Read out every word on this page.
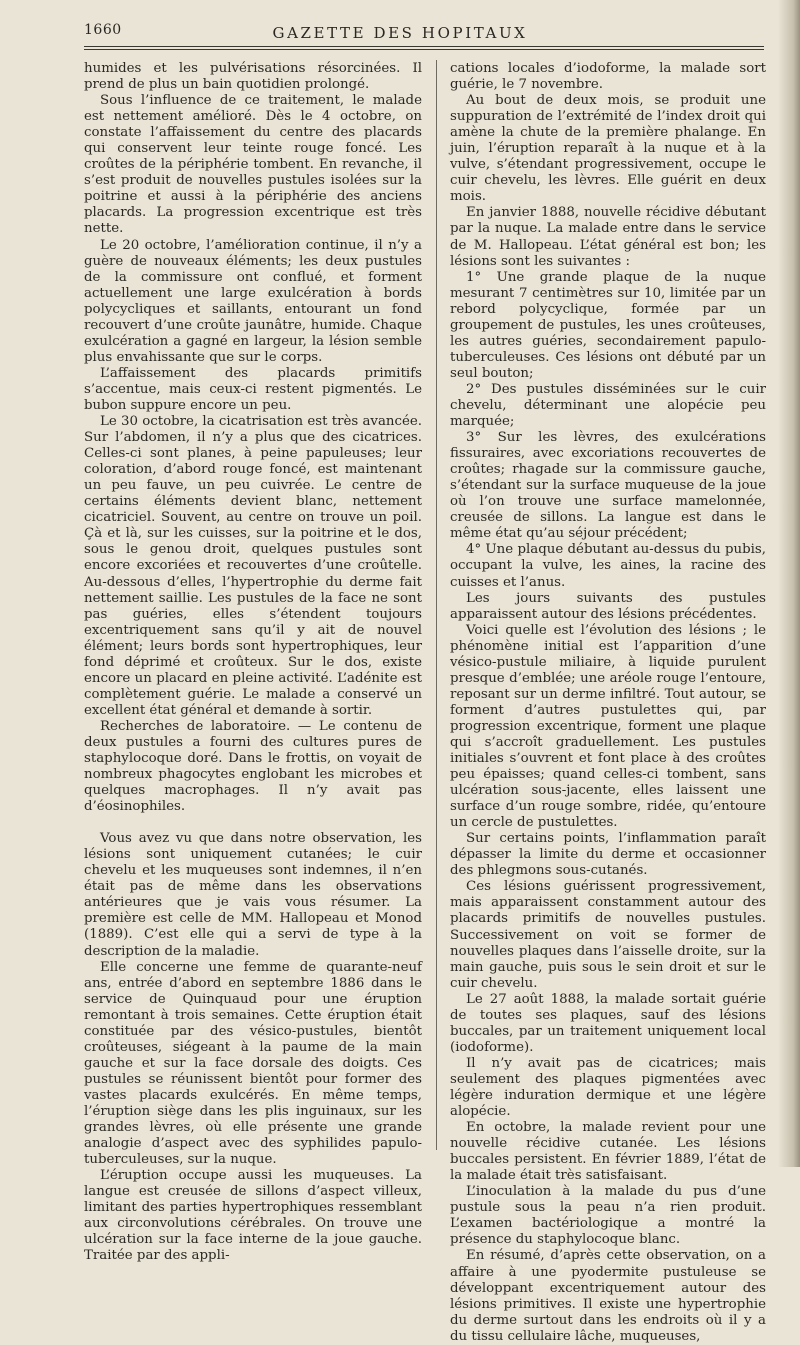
1660	GAZETTE DES HOPITAUX

humides et les pulvérisations résorcinées. Il prend de plus un bain quotidien prolongé.

Sous l’influence de ce traitement, le malade est nettement amélioré. Dès le 4 octobre, on constate l’affaissement du centre des placards qui conservent leur teinte rouge foncé. Les croûtes de la périphérie tombent. En revanche, il s’est produit de nouvelles pustules isolées sur la poitrine et aussi à la périphérie des anciens placards. La progression excentrique est très nette.

Le 20 octobre, l’amélioration continue, il n’y a guère de nouveaux éléments; les deux pustules de la commissure ont conflué, et forment actuellement une large exulcération à bords polycycliques et saillants, entourant un fond recouvert d’une croûte jaunâtre, humide. Chaque exulcération a gagné en largeur, la lésion semble plus envahissante que sur le corps.

L’affaissement des placards primitifs s’accentue, mais ceux-ci restent pigmentés. Le bubon suppure encore un peu.

Le 30 octobre, la cicatrisation est très avancée. Sur l’abdomen, il n’y a plus que des cicatrices. Celles-ci sont planes, à peine papuleuses; leur coloration, d’abord rouge foncé, est maintenant un peu fauve, un peu cuivrée. Le centre de certains éléments devient blanc, nettement cicatriciel. Souvent, au centre on trouve un poil. Çà et là, sur les cuisses, sur la poitrine et le dos, sous le genou droit, quelques pustules sont encore excoriées et recouvertes d’une croûtelle. Au-dessous d’elles, l’hypertrophie du derme fait nettement saillie. Les pustules de la face ne sont pas guéries, elles s’étendent toujours excentriquement sans qu’il y ait de nouvel élément; leurs bords sont hypertrophiques, leur fond déprimé et croûteux. Sur le dos, existe encore un placard en pleine activité. L’adénite est complètement guérie. Le malade a conservé un excellent état général et demande à sortir.

Recherches de laboratoire. — Le contenu de deux pustules a fourni des cultures pures de staphylocoque doré. Dans le frottis, on voyait de nombreux phagocytes englobant les microbes et quelques macrophages. Il n’y avait pas d’éosinophiles.

Vous avez vu que dans notre observation, les lésions sont uniquement cutanées; le cuir chevelu et les muqueuses sont indemnes, il n’en était pas de même dans les observations antérieures que je vais vous résumer. La première est celle de MM. Hallopeau et Monod (1889). C’est elle qui a servi de type à la description de la maladie.

Elle concerne une femme de quarante-neuf ans, entrée d’abord en septembre 1886 dans le service de Quinquaud pour une éruption remontant à trois semaines. Cette éruption était constituée par des vésico-pustules, bientôt croûteuses, siégeant à la paume de la main gauche et sur la face dorsale des doigts. Ces pustules se réunissent bientôt pour former des vastes placards exulcérés. En même temps, l’éruption siège dans les plis inguinaux, sur les grandes lèvres, où elle présente une grande analogie d’aspect avec des syphilides papulo-tuberculeuses, sur la nuque.

L’éruption occupe aussi les muqueuses. La langue est creusée de sillons d’aspect villeux, limitant des parties hypertrophiques ressemblant aux circonvolutions cérébrales. On trouve une ulcération sur la face interne de la joue gauche. Traitée par des appli-

cations locales d’iodoforme, la malade sort guérie, le 7 novembre.

Au bout de deux mois, se produit une suppuration de l’extrémité de l’index droit qui amène la chute de la première phalange. En juin, l’éruption reparaît à la nuque et à la vulve, s’étendant progressivement, occupe le cuir chevelu, les lèvres. Elle guérit en deux mois.

En janvier 1888, nouvelle récidive débutant par la nuque. La malade entre dans le service de M. Hallopeau. L’état général est bon; les lésions sont les suivantes :

1° Une grande plaque de la nuque mesurant 7 centimètres sur 10, limitée par un rebord polycyclique, formée par un groupement de pustules, les unes croûteuses, les autres guéries, secondairement papulo-tuberculeuses. Ces lésions ont débuté par un seul bouton;

2° Des pustules disséminées sur le cuir chevelu, déterminant une alopécie peu marquée;

3° Sur les lèvres, des exulcérations fissuraires, avec excoriations recouvertes de croûtes; rhagade sur la commissure gauche, s’étendant sur la surface muqueuse de la joue où l’on trouve une surface mamelonnée, creusée de sillons. La langue est dans le même état qu’au séjour précédent;

4° Une plaque débutant au-dessus du pubis, occupant la vulve, les aines, la racine des cuisses et l’anus.

Les jours suivants des pustules apparaissent autour des lésions précédentes.

Voici quelle est l’évolution des lésions ; le phénomène initial est l’apparition d’une vésico-pustule miliaire, à liquide purulent presque d’emblée; une aréole rouge l’entoure, reposant sur un derme infiltré. Tout autour, se forment d’autres pustulettes qui, par progression excentrique, forment une plaque qui s’accroît graduellement. Les pustules initiales s’ouvrent et font place à des croûtes peu épaisses; quand celles-ci tombent, sans ulcération sous-jacente, elles laissent une surface d’un rouge sombre, ridée, qu’entoure un cercle de pustulettes.

Sur certains points, l’inflammation paraît dépasser la limite du derme et occasionner des phlegmons sous-cutanés.

Ces lésions guérissent progressivement, mais apparaissent constamment autour des placards primitifs de nouvelles pustules. Successivement on voit se former de nouvelles plaques dans l’aisselle droite, sur la main gauche, puis sous le sein droit et sur le cuir chevelu.

Le 27 août 1888, la malade sortait guérie de toutes ses plaques, sauf des lésions buccales, par un traitement uniquement local (iodoforme).

Il n’y avait pas de cicatrices; mais seulement des plaques pigmentées avec légère induration dermique et une légère alopécie.

En octobre, la malade revient pour une nouvelle récidive cutanée. Les lésions buccales persistent. En février 1889, l’état de la malade était très satisfaisant.

L’inoculation à la malade du pus d’une pustule sous la peau n’a rien produit. L’examen bactériologique a montré la présence du staphylocoque blanc.

En résumé, d’après cette observation, on a affaire à une pyodermite pustuleuse se développant excentriquement autour des lésions primitives. Il existe une hypertrophie du derme surtout dans les endroits où il y a du tissu cellulaire lâche, muqueuses,
